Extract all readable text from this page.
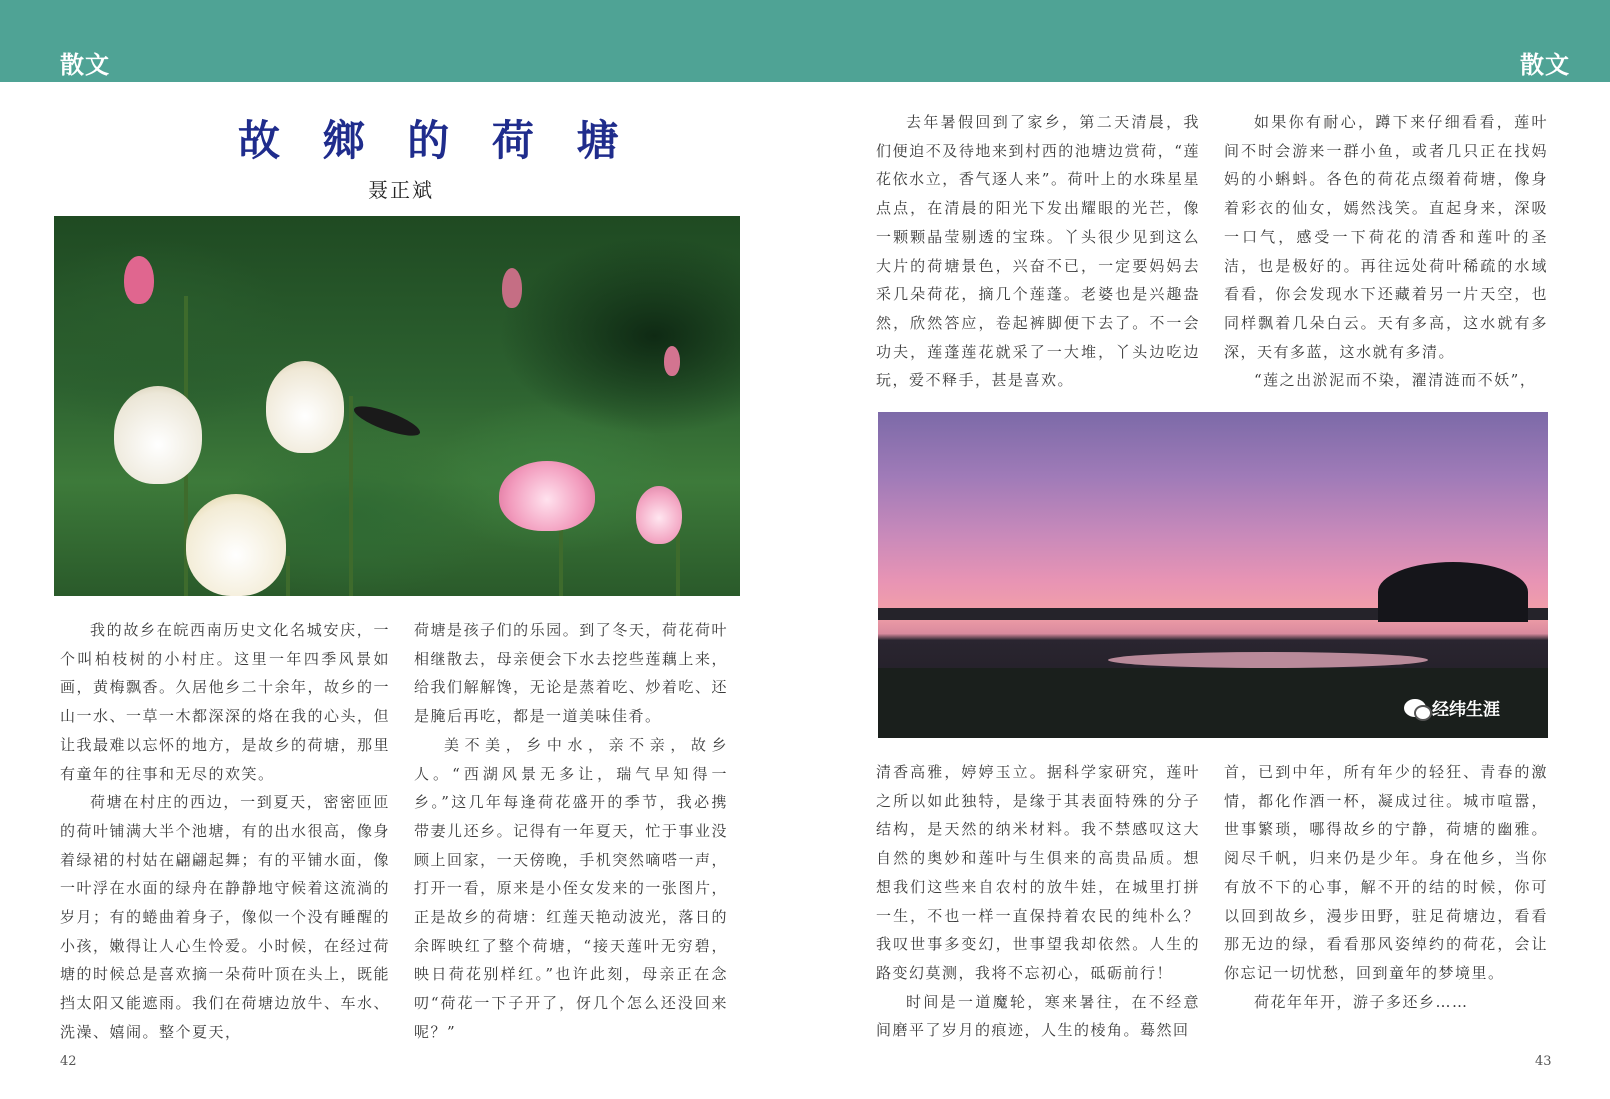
散文	散文
故 鄉 的 荷 塘
聂正斌
经纬生涯

我的故乡在皖西南历史文化名城安庆，一个叫柏枝树的小村庄。这里一年四季风景如画，黄梅飘香。久居他乡二十余年，故乡的一山一水、一草一木都深深的烙在我的心头，但让我最难以忘怀的地方，是故乡的荷塘，那里有童年的往事和无尽的欢笑。

荷塘在村庄的西边，一到夏天，密密匝匝的荷叶铺满大半个池塘，有的出水很高，像身着绿裙的村姑在翩翩起舞；有的平铺水面，像一叶浮在水面的绿舟在静静地守候着这流淌的岁月；有的蜷曲着身子，像似一个没有睡醒的小孩，嫩得让人心生怜爱。小时候，在经过荷塘的时候总是喜欢摘一朵荷叶顶在头上，既能挡太阳又能遮雨。我们在荷塘边放牛、车水、洗澡、嬉闹。整个夏天，

荷塘是孩子们的乐园。到了冬天，荷花荷叶相继散去，母亲便会下水去挖些莲藕上来，给我们解解馋，无论是蒸着吃、炒着吃、还是腌后再吃，都是一道美味佳肴。

美不美，乡中水，亲不亲，故乡人。“西湖风景无多让，瑞气早知得一乡。”这几年每逢荷花盛开的季节，我必携带妻儿还乡。记得有一年夏天，忙于事业没顾上回家，一天傍晚，手机突然嘀嗒一声，打开一看，原来是小侄女发来的一张图片，正是故乡的荷塘：红莲天艳动波光，落日的余晖映红了整个荷塘，“接天莲叶无穷碧，映日荷花别样红。”也许此刻，母亲正在念叨“荷花一下子开了，伢几个怎么还没回来呢？”

去年暑假回到了家乡，第二天清晨，我们便迫不及待地来到村西的池塘边赏荷，“莲花依水立，香气逐人来”。荷叶上的水珠星星点点，在清晨的阳光下发出耀眼的光芒，像一颗颗晶莹剔透的宝珠。丫头很少见到这么大片的荷塘景色，兴奋不已，一定要妈妈去采几朵荷花，摘几个莲蓬。老婆也是兴趣盎然，欣然答应，卷起裤脚便下去了。不一会功夫，莲蓬莲花就采了一大堆，丫头边吃边玩，爱不释手，甚是喜欢。

如果你有耐心，蹲下来仔细看看，莲叶间不时会游来一群小鱼，或者几只正在找妈妈的小蝌蚪。各色的荷花点缀着荷塘，像身着彩衣的仙女，嫣然浅笑。直起身来，深吸一口气，感受一下荷花的清香和莲叶的圣洁，也是极好的。再往远处荷叶稀疏的水域看看，你会发现水下还藏着另一片天空，也同样飘着几朵白云。天有多高，这水就有多深，天有多蓝，这水就有多清。

“莲之出淤泥而不染，濯清涟而不妖”，

清香高雅，婷婷玉立。据科学家研究，莲叶之所以如此独特，是缘于其表面特殊的分子结构，是天然的纳米材料。我不禁感叹这大自然的奥妙和莲叶与生俱来的高贵品质。想想我们这些来自农村的放牛娃，在城里打拼一生，不也一样一直保持着农民的纯朴么？我叹世事多变幻，世事望我却依然。人生的路变幻莫测，我将不忘初心，砥砺前行！

时间是一道魔轮，寒来暑往，在不经意间磨平了岁月的痕迹，人生的棱角。蓦然回

首，已到中年，所有年少的轻狂、青春的激情，都化作酒一杯，凝成过往。城市喧嚣，世事繁琐，哪得故乡的宁静，荷塘的幽雅。阅尽千帆，归来仍是少年。身在他乡，当你有放不下的心事，解不开的结的时候，你可以回到故乡，漫步田野，驻足荷塘边，看看那无边的绿，看看那风姿绰约的荷花，会让你忘记一切忧愁，回到童年的梦境里。

荷花年年开，游子多还乡……

42	43
